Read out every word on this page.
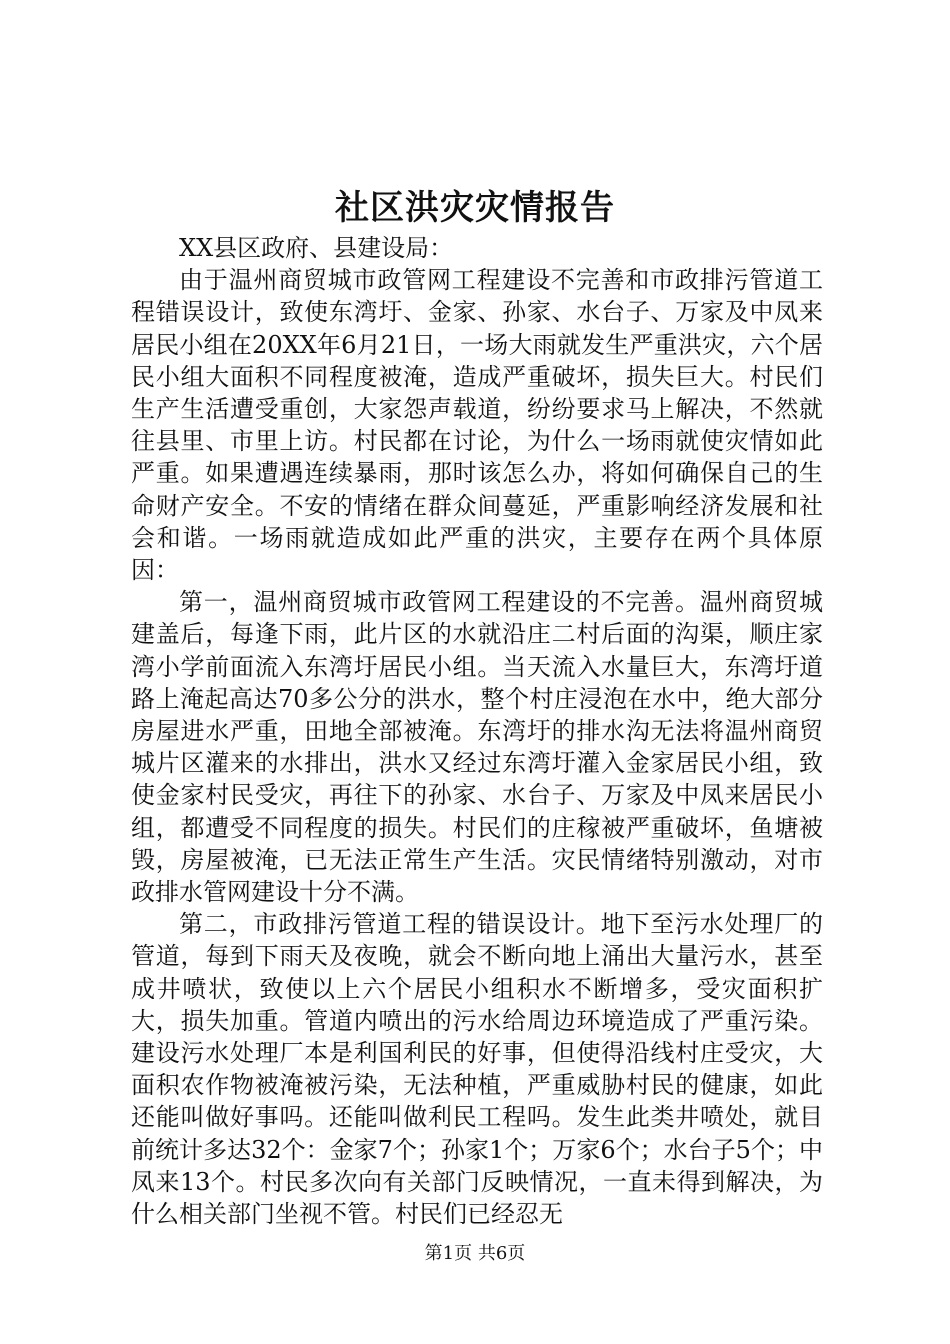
社区洪灾灾情报告

XX县区政府、县建设局：

由于温州商贸城市政管网工程建设不完善和市政排污管道工程错误设计，致使东湾圩、金家、孙家、水台子、万家及中凤来居民小组在20XX年6月21日，一场大雨就发生严重洪灾，六个居民小组大面积不同程度被淹，造成严重破坏，损失巨大。村民们生产生活遭受重创，大家怨声载道，纷纷要求马上解决，不然就往县里、市里上访。村民都在讨论，为什么一场雨就使灾情如此严重。如果遭遇连续暴雨，那时该怎么办，将如何确保自己的生命财产安全。不安的情绪在群众间蔓延，严重影响经济发展和社会和谐。一场雨就造成如此严重的洪灾，主要存在两个具体原因：

第一，温州商贸城市政管网工程建设的不完善。温州商贸城建盖后，每逢下雨，此片区的水就沿庄二村后面的沟渠，顺庄家湾小学前面流入东湾圩居民小组。当天流入水量巨大，东湾圩道路上淹起高达70多公分的洪水，整个村庄浸泡在水中，绝大部分房屋进水严重，田地全部被淹。东湾圩的排水沟无法将温州商贸城片区灌来的水排出，洪水又经过东湾圩灌入金家居民小组，致使金家村民受灾，再往下的孙家、水台子、万家及中凤来居民小组，都遭受不同程度的损失。村民们的庄稼被严重破坏，鱼塘被毁，房屋被淹，已无法正常生产生活。灾民情绪特别激动，对市政排水管网建设十分不满。

第二，市政排污管道工程的错误设计。地下至污水处理厂的管道，每到下雨天及夜晚，就会不断向地上涌出大量污水，甚至成井喷状，致使以上六个居民小组积水不断增多，受灾面积扩大，损失加重。管道内喷出的污水给周边环境造成了严重污染。建设污水处理厂本是利国利民的好事，但使得沿线村庄受灾，大面积农作物被淹被污染，无法种植，严重威胁村民的健康，如此还能叫做好事吗。还能叫做利民工程吗。发生此类井喷处，就目前统计多达32个：金家7个；孙家1个；万家6个；水台子5个；中凤来13个。村民多次向有关部门反映情况，一直未得到解决，为什么相关部门坐视不管。村民们已经忍无

第1页 共6页
